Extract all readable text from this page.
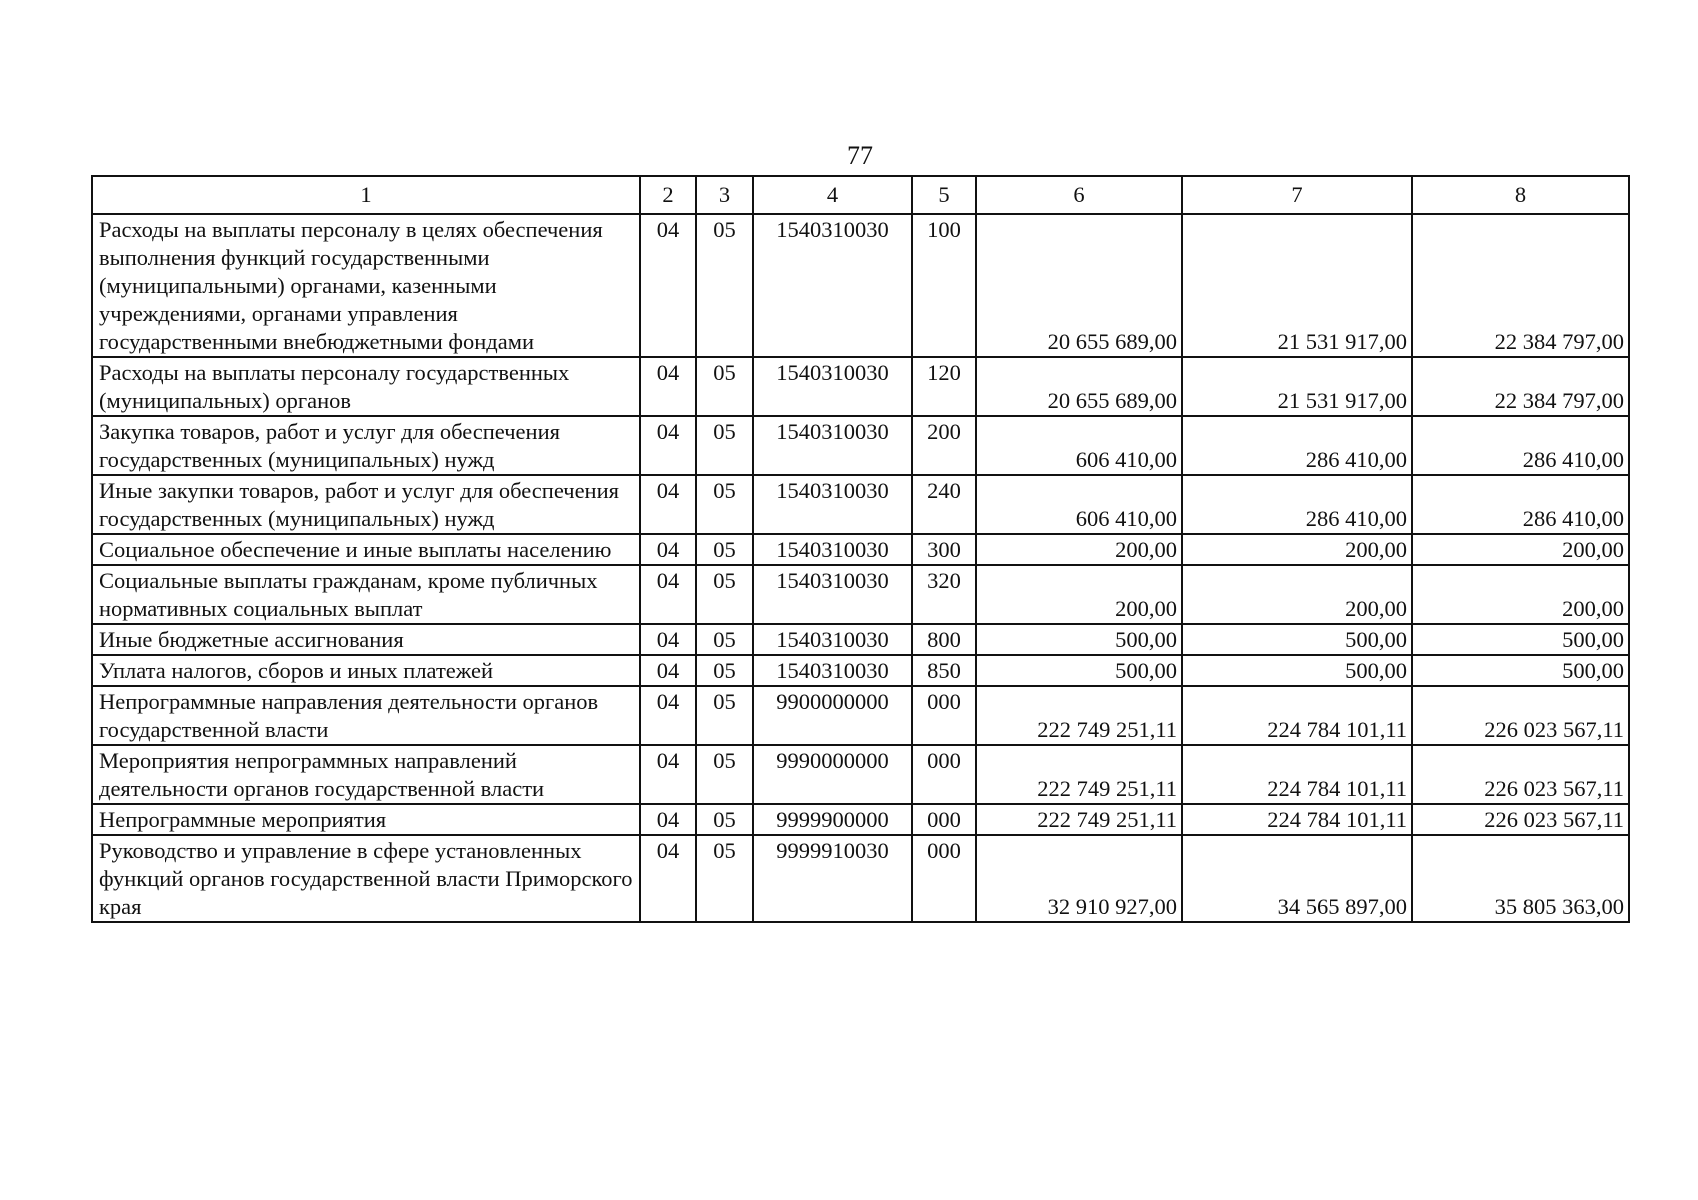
77
1	2	3	4	5	6	7	8
Расходы на выплаты персоналу в целях обеспечения выполнения функций государственными (муниципальными) органами, казенными учреждениями, органами управления государственными внебюджетными фондами	04	05	1540310030	100	20 655 689,00	21 531 917,00	22 384 797,00
Расходы на выплаты персоналу государственных (муниципальных) органов	04	05	1540310030	120	20 655 689,00	21 531 917,00	22 384 797,00
Закупка товаров, работ и услуг для обеспечения государственных (муниципальных) нужд	04	05	1540310030	200	606 410,00	286 410,00	286 410,00
Иные закупки товаров, работ и услуг для обеспечения государственных (муниципальных) нужд	04	05	1540310030	240	606 410,00	286 410,00	286 410,00
Социальное обеспечение и иные выплаты населению	04	05	1540310030	300	200,00	200,00	200,00
Социальные выплаты гражданам, кроме публичных нормативных социальных выплат	04	05	1540310030	320	200,00	200,00	200,00
Иные бюджетные ассигнования	04	05	1540310030	800	500,00	500,00	500,00
Уплата налогов, сборов и иных платежей	04	05	1540310030	850	500,00	500,00	500,00
Непрограммные направления деятельности органов государственной власти	04	05	9900000000	000	222 749 251,11	224 784 101,11	226 023 567,11
Мероприятия непрограммных направлений деятельности органов государственной власти	04	05	9990000000	000	222 749 251,11	224 784 101,11	226 023 567,11
Непрограммные мероприятия	04	05	9999900000	000	222 749 251,11	224 784 101,11	226 023 567,11
Руководство и управление в сфере установленных функций органов государственной власти Приморского края	04	05	9999910030	000	32 910 927,00	34 565 897,00	35 805 363,00
